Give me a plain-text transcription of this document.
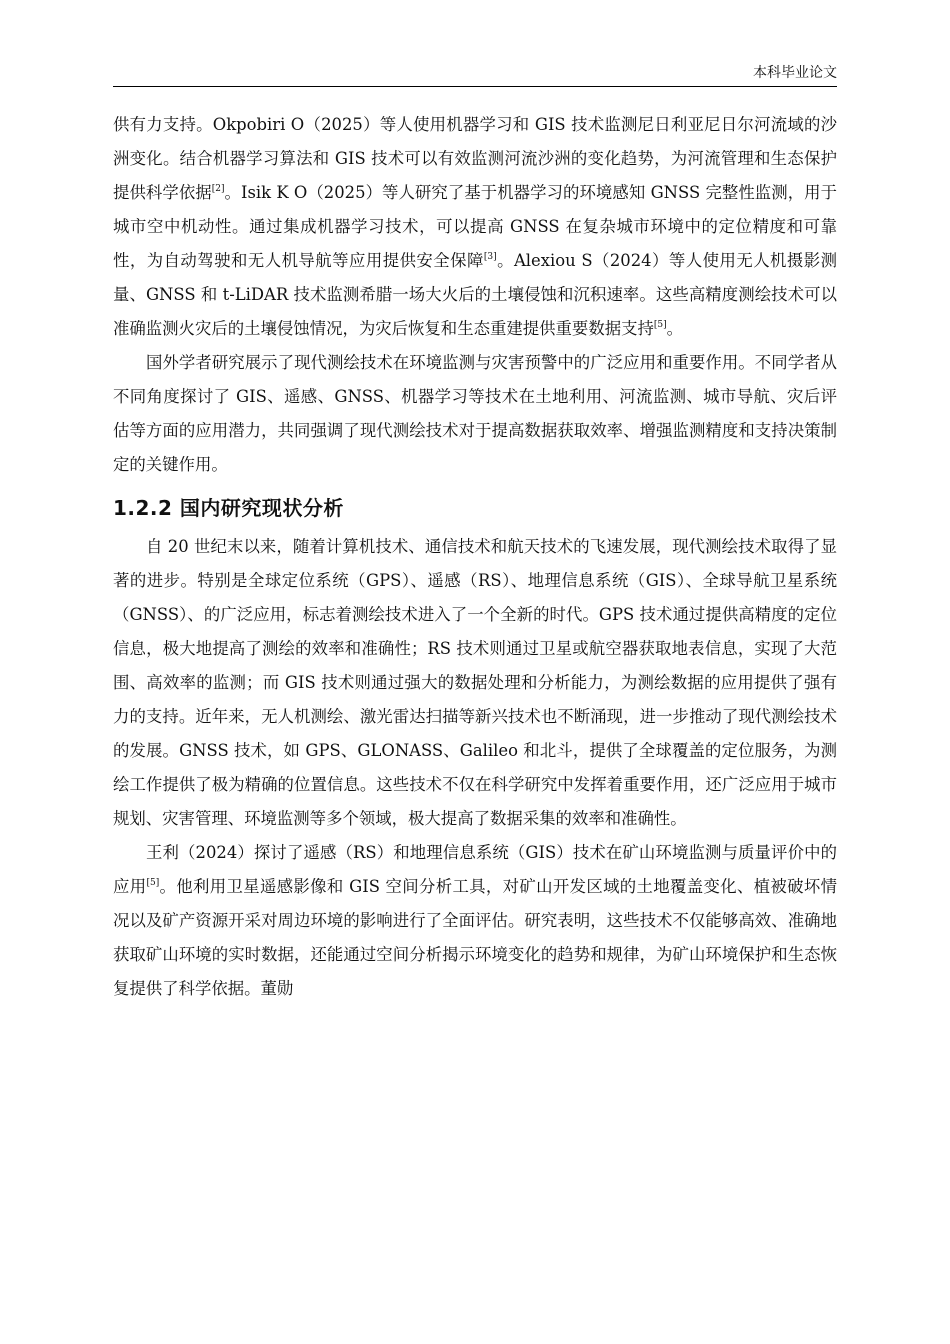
本科毕业论文

供有力支持。Okpobiri O（2025）等人使用机器学习和 GIS 技术监测尼日利亚尼日尔河流域的沙洲变化。结合机器学习算法和 GIS 技术可以有效监测河流沙洲的变化趋势，为河流管理和生态保护提供科学依据[2]。Isik K O（2025）等人研究了基于机器学习的环境感知 GNSS 完整性监测，用于城市空中机动性。通过集成机器学习技术，可以提高 GNSS 在复杂城市环境中的定位精度和可靠性，为自动驾驶和无人机导航等应用提供安全保障[3]。Alexiou S（2024）等人使用无人机摄影测量、GNSS 和 t-LiDAR 技术监测希腊一场大火后的土壤侵蚀和沉积速率。这些高精度测绘技术可以准确监测火灾后的土壤侵蚀情况，为灾后恢复和生态重建提供重要数据支持[5]。

国外学者研究展示了现代测绘技术在环境监测与灾害预警中的广泛应用和重要作用。不同学者从不同角度探讨了 GIS、遥感、GNSS、机器学习等技术在土地利用、河流监测、城市导航、灾后评估等方面的应用潜力，共同强调了现代测绘技术对于提高数据获取效率、增强监测精度和支持决策制定的关键作用。

1.2.2 国内研究现状分析

自 20 世纪末以来，随着计算机技术、通信技术和航天技术的飞速发展，现代测绘技术取得了显著的进步。特别是全球定位系统（GPS）、遥感（RS）、地理信息系统（GIS）、全球导航卫星系统（GNSS）、的广泛应用，标志着测绘技术进入了一个全新的时代。GPS 技术通过提供高精度的定位信息，极大地提高了测绘的效率和准确性；RS 技术则通过卫星或航空器获取地表信息，实现了大范围、高效率的监测；而 GIS 技术则通过强大的数据处理和分析能力，为测绘数据的应用提供了强有力的支持。近年来，无人机测绘、激光雷达扫描等新兴技术也不断涌现，进一步推动了现代测绘技术的发展。GNSS 技术，如 GPS、GLONASS、Galileo 和北斗，提供了全球覆盖的定位服务，为测绘工作提供了极为精确的位置信息。这些技术不仅在科学研究中发挥着重要作用，还广泛应用于城市规划、灾害管理、环境监测等多个领域，极大提高了数据采集的效率和准确性。

王利（2024）探讨了遥感（RS）和地理信息系统（GIS）技术在矿山环境监测与质量评价中的应用[5]。他利用卫星遥感影像和 GIS 空间分析工具，对矿山开发区域的土地覆盖变化、植被破坏情况以及矿产资源开采对周边环境的影响进行了全面评估。研究表明，这些技术不仅能够高效、准确地获取矿山环境的实时数据，还能通过空间分析揭示环境变化的趋势和规律，为矿山环境保护和生态恢复提供了科学依据。董勋
